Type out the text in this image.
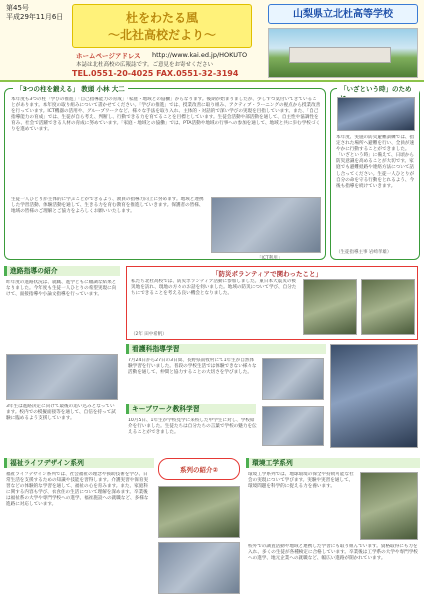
第45号
平成29年11月6日	杜をわたる風
～北社高校だより～
ホームページアドレス http://www.kai.ed.jp/HOKUTO
本誌は北杜高校の広報誌です。ご意見をお寄せください
TEL.0551-20-4025 FAX.0551-32-3194
山梨県立北杜高等学校
「3つの柱を鍛える」 教頭 小林 大二
本年度も3つの柱「学びの推進」「自己指導能力の育成」「家庭・地域との協働」からなります。後期が始まりましたが、少しずつ気付いてきていることがあります。本年度の取り組みについて書かせてください。「学びの推進」では、授業改善に取り組み、アクティブ・ラーニングの視点から授業改善を行っています。ICT機器の活用や、グループワークなど、様々な手法を取り入れ、主体的・対話的で深い学びの実現を目指しています。また、「自己指導能力の育成」では、生徒が自ら考え、判断し、行動できる力を育てることを目標としています。生徒会活動や部活動を通して、自主性や協調性を育み、社会で活躍できる人材の育成に努めています。「家庭・地域との協働」では、PTA活動や地域の行事への参加を通して、地域と共に歩む学校づくりを進めています。
「ICT利用」
生徒一人ひとりが主体的に学ぶことができるよう、教員の指導力向上に努めます。地域と連携した学習活動、体験活動を通して、生きる力を育む教育を推進していきます。保護者の皆様、地域の皆様のご理解とご協力をよろしくお願いいたします。
「いざという時」のため
本年度、実施の防災避難訓練では、指定された場所へ避難を行い、全員が速やかに行動することができました。「いざという時」に備えて、日頃から防災意識を高めることが大切です。家庭でも避難経路や連絡方法について話し合ってください。生徒一人ひとりが自分の命を守る行動をとれるよう、今後も指導を続けていきます。
（生徒指導主事 岩崎孝雄）
進路指導の紹介
昨年度の進路状況は、就職、進学ともに順調な結果となりました。今年度も生徒一人ひとりの希望実現に向けて、面接指導や小論文指導を行っています。
3年生は進路決定に向けて最後の追い込みとなっています。校内での模擬面接等を通して、自信を持って試験に臨めるよう支援しています。
「防災ボランティアで関わったこと」
私たち北杜高校では、防災ボランティア活動に参加しました。東日本大震災の被災地を訪れ、現地の方々のお話を伺いました。地域の防災について学び、自分たちにできることを考える良い機会となりました。
（2年 田中希帆）
看護科指導学習
7月24日から27日の3日間、長野県南牧村にて1年生が自然体験学習を行いました。普段の学校生活では体験できない様々な活動を通して、仲間と協力することの大切さを学びました。
キープワーク教科学習
10月5日、1年生が学校見学に来校した中学生に対し、学校紹介を行いました。生徒たちは自分たちの言葉で学校の魅力を伝えることができました。
福祉ライフデザイン系列
福祉ライフデザイン系列では、社会福祉の理念や援助技術を学び、日常生活を支援するための知識や技能を習得します。介護実習や保育実習などの体験的な学習を通して、福祉の心を育みます。また、家庭科に関する内容も学び、衣食住の生活について理解を深めます。卒業後は福祉系の大学や専門学校への進学、福祉施設への就職など、多様な進路に対応しています。
系列の紹介②
環境工学系列
環境工学系列では、地球環境の保全や持続可能な社会の実現について学びます。実験や実習を通して、環境問題を科学的に捉える力を養います。
校外での調査活動や地域と連携した学習にも取り組んでいます。資格取得にも力を入れ、多くの生徒が各種検定に合格しています。卒業後は工学系の大学や専門学校への進学、地元企業への就職など、幅広い進路が開かれています。
